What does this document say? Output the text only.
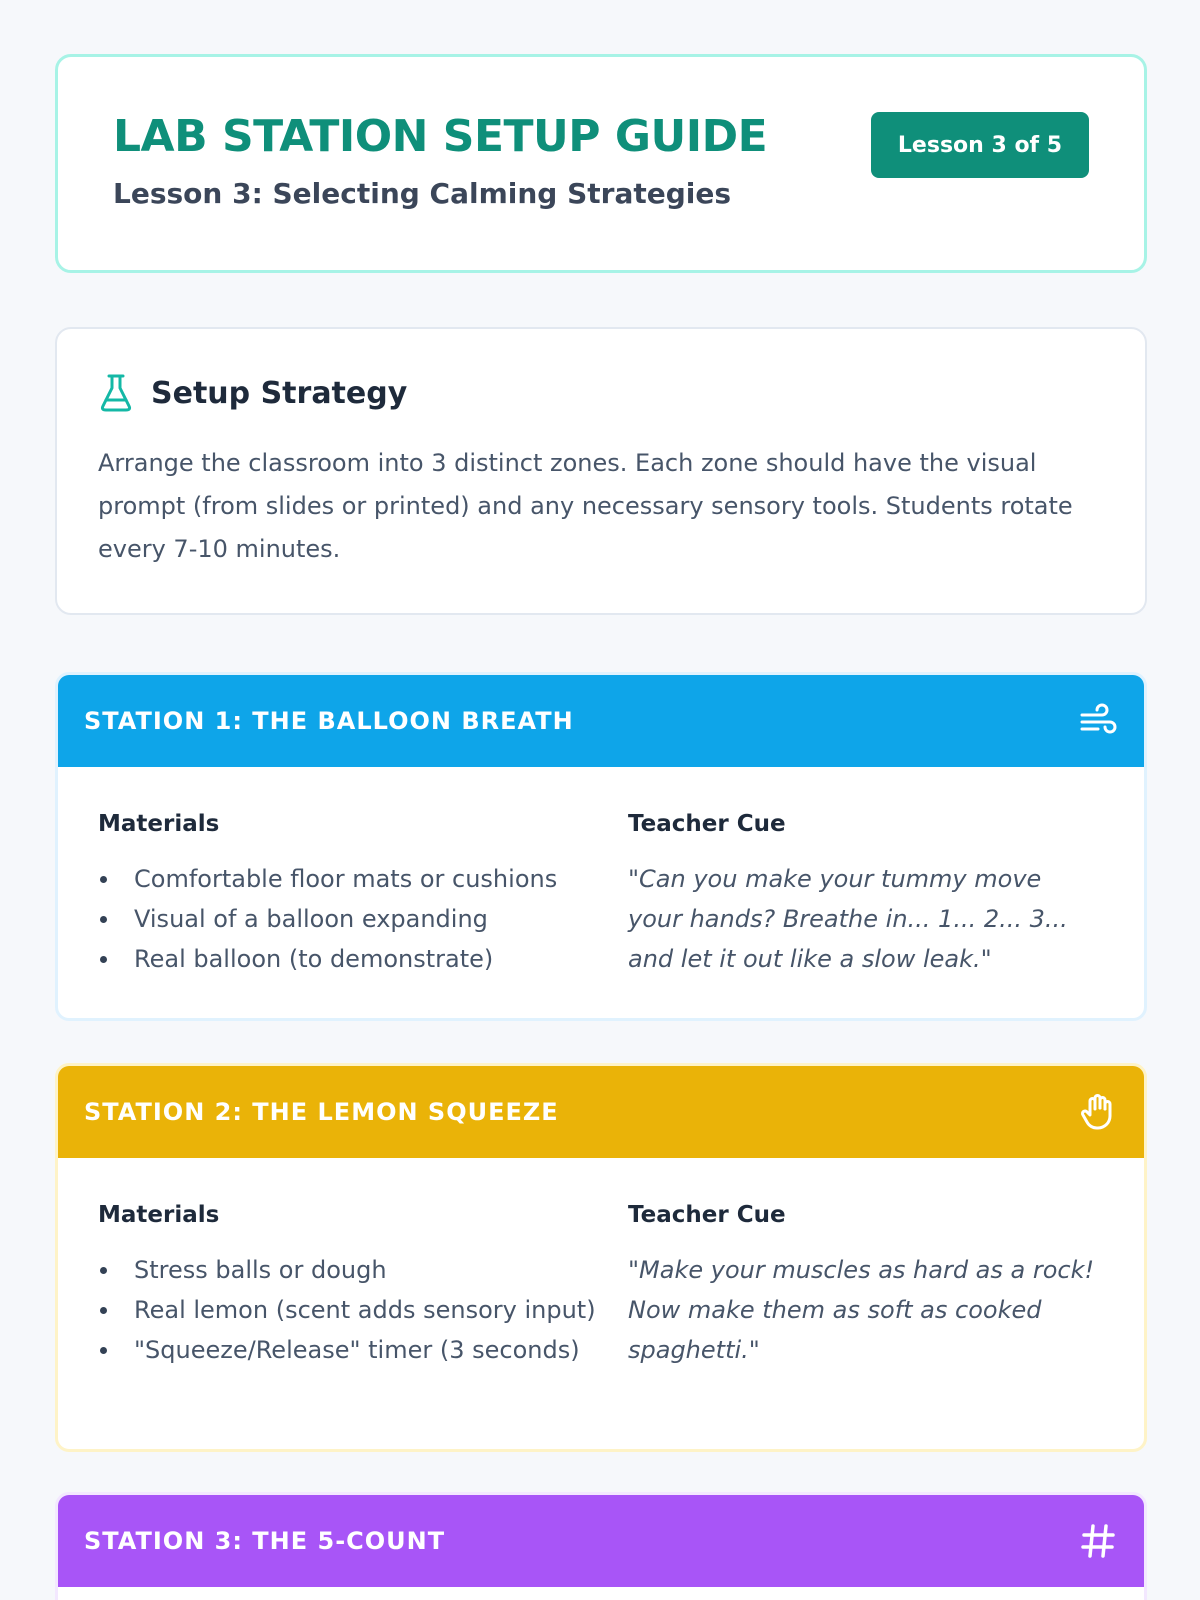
LAB STATION SETUP GUIDE
Lesson 3: Selecting Calming Strategies
Lesson 3 of 5
Setup Strategy
Arrange the classroom into 3 distinct zones. Each zone should have the visual prompt (from slides or printed) and any necessary sensory tools. Students rotate every 7-10 minutes.
STATION 1: THE BALLOON BREATH
Materials
Comfortable floor mats or cushions
Visual of a balloon expanding
Real balloon (to demonstrate)
Teacher Cue
"Can you make your tummy move your hands? Breathe in... 1... 2... 3... and let it out like a slow leak."
STATION 2: THE LEMON SQUEEZE
Materials
Stress balls or dough
Real lemon (scent adds sensory input)
"Squeeze/Release" timer (3 seconds)
Teacher Cue
"Make your muscles as hard as a rock! Now make them as soft as cooked spaghetti."
STATION 3: THE 5-COUNT
